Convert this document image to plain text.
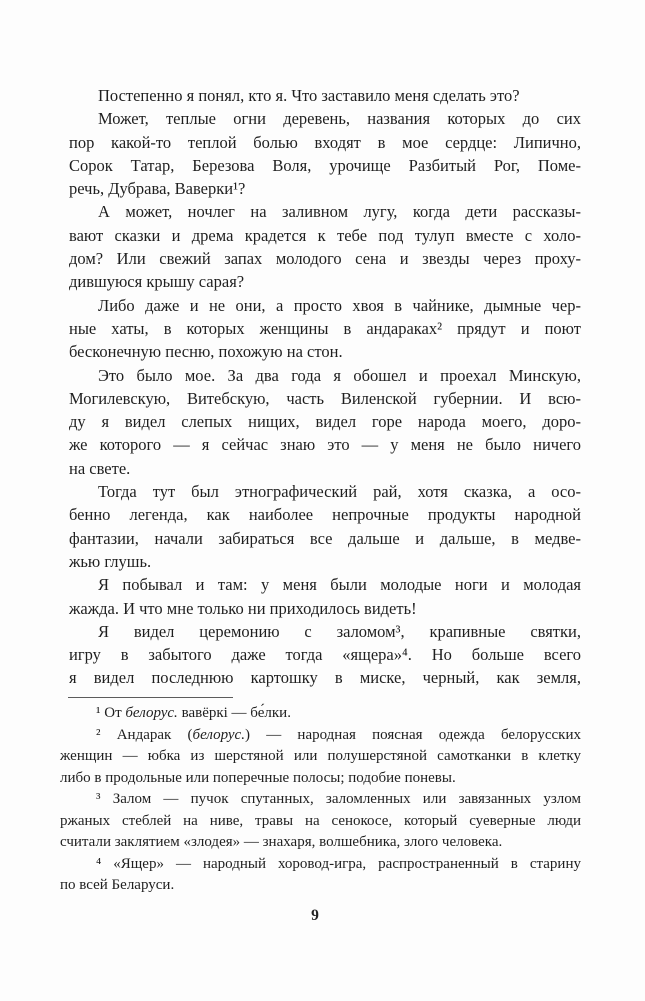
Постепенно я понял, кто я. Что заставило меня сделать это?

Может, теплые огни деревень, названия которых до сих
пор какой-то теплой болью входят в мое сердце: Липично,
Сорок Татар, Березова Воля, урочище Разбитый Рог, Поме-
речь, Дубрава, Ваверки¹?

А может, ночлег на заливном лугу, когда дети рассказы-
вают сказки и дрема крадется к тебе под тулуп вместе с холо-
дом? Или свежий запах молодого сена и звезды через проху-
дившуюся крышу сарая?

Либо даже и не они, а просто хвоя в чайнике, дымные чер-
ные хаты, в которых женщины в андараках² прядут и поют
бесконечную песню, похожую на стон.

Это было мое. За два года я обошел и проехал Минскую,
Могилевскую, Витебскую, часть Виленской губернии. И всю-
ду я видел слепых нищих, видел горе народа моего, доро-
же которого — я сейчас знаю это — у меня не было ничего
на свете.

Тогда тут был этнографический рай, хотя сказка, а осо-
бенно легенда, как наиболее непрочные продукты народной
фантазии, начали забираться все дальше и дальше, в медве-
жью глушь.

Я побывал и там: у меня были молодые ноги и молодая
жажда. И что мне только ни приходилось видеть!

Я видел церемонию с заломом³, крапивные святки,
игру в забытого даже тогда «ящера»⁴. Но больше всего
я видел последнюю картошку в миске, черный, как земля,

¹ От белорус. вавёркі — бе́лки.

² Андарак (белорус.) — народная поясная одежда белорусских
женщин — юбка из шерстяной или полушерстяной самотканки в клетку
либо в продольные или поперечные полосы; подобие поневы.

³ Залом — пучок спутанных, заломленных или завязанных узлом
ржаных стеблей на ниве, травы на сенокосе, который суеверные люди
считали заклятием «злодея» — знахаря, волшебника, злого человека.

⁴ «Ящер» — народный хоровод-игра, распространенный в старину
по всей Беларуси.

9
